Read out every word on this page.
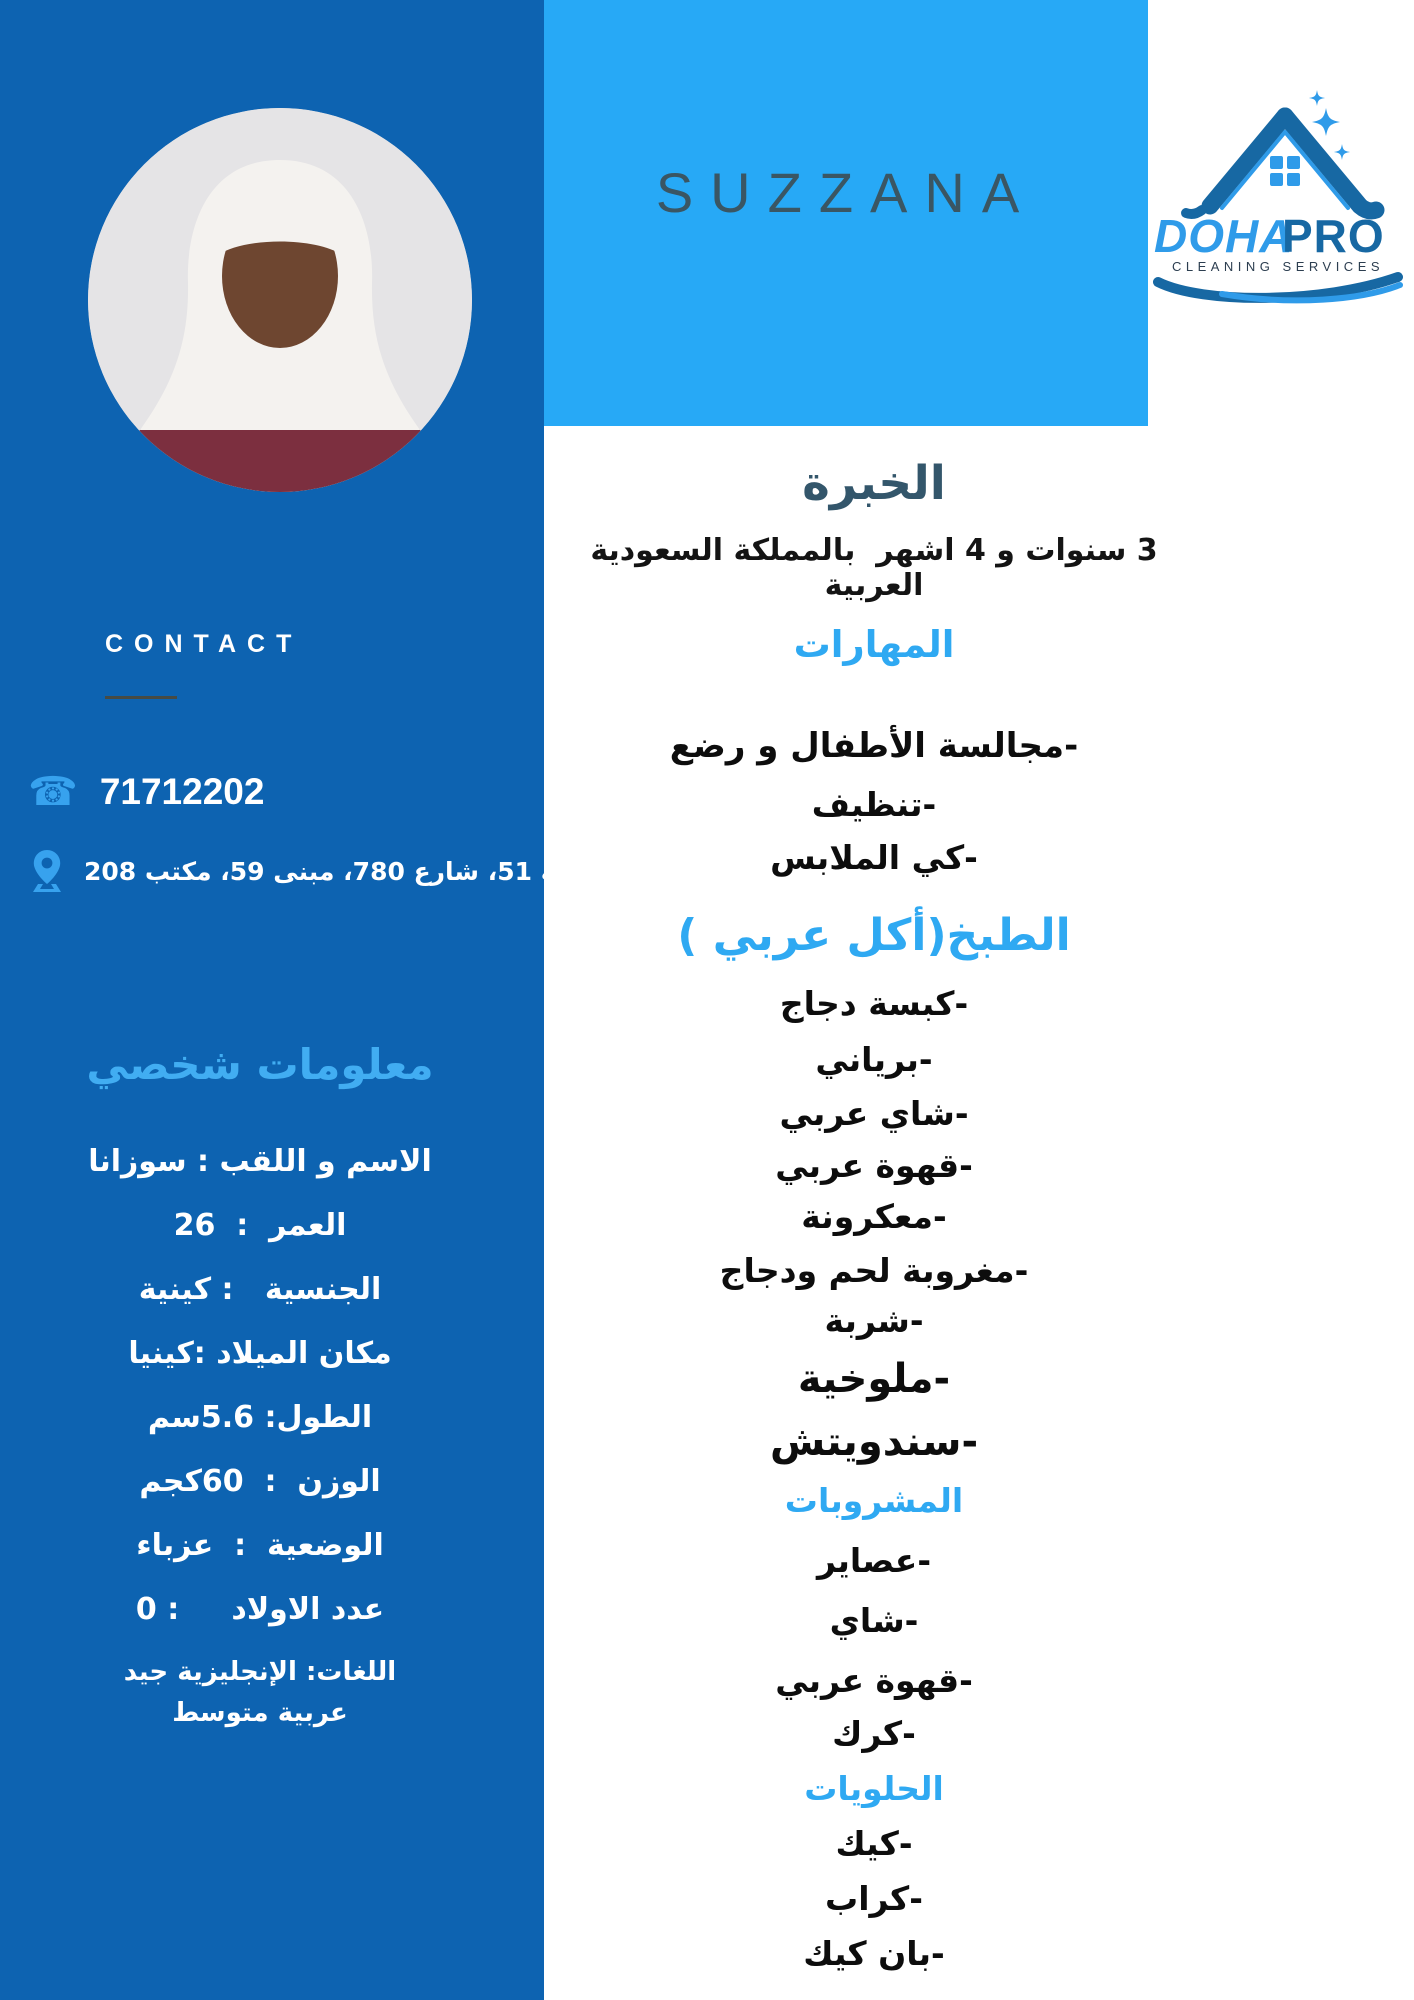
CONTACT
☎ 71712202
المنطقة 51، شارع 780، مبنى 59، مكتب 208
معلومات شخصي
الاسم و اللقب : سوزانا
العمر  :  26
الجنسية   : كينية
مكان الميلاد :كينيا
الطول: 5.6سم
الوزن  :  60كجم
الوضعية  :  عزباء
عدد الاولاد     : 0
اللغات: الإنجليزية جيد
عربية متوسط
SUZZANA
DOHA
PRO
CLEANING SERVICES
الخبرة
3 سنوات و 4 اشهر  بالمملكة السعودية العربية
المهارات
-مجالسة الأطفال و رضع
-تنظيف
-كي الملابس
الطبخ(أكل عربي )
-كبسة دجاج
-برياني
-شاي عربي
-قهوة عربي
-معكرونة
-مغروبة لحم ودجاج
-شربة
-ملوخية
-سندويتش
المشروبات
-عصاير
-شاي
-قهوة عربي
-كرك
الحلويات
-كيك
-كراب
-بان كيك
